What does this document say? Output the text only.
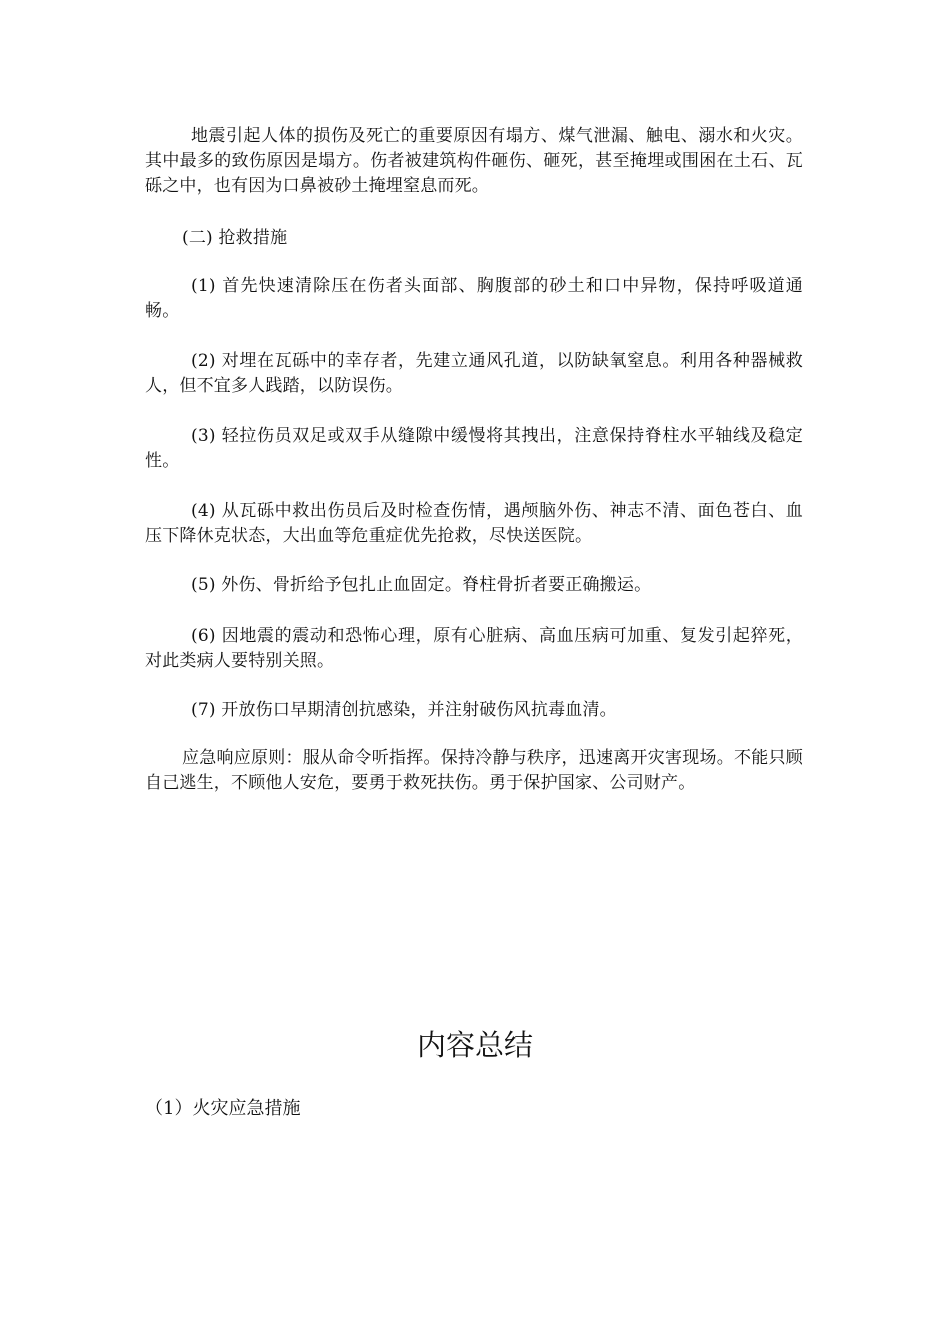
地震引起人体的损伤及死亡的重要原因有塌方、煤气泄漏、触电、溺水和火灾。其中最多的致伤原因是塌方。伤者被建筑构件砸伤、砸死，甚至掩埋或围困在土石、瓦砾之中，也有因为口鼻被砂土掩埋窒息而死。

(二) 抢救措施

(1) 首先快速清除压在伤者头面部、胸腹部的砂土和口中异物，保持呼吸道通畅。

(2) 对埋在瓦砾中的幸存者，先建立通风孔道，以防缺氧窒息。利用各种器械救人，但不宜多人践踏，以防误伤。

(3) 轻拉伤员双足或双手从缝隙中缓慢将其拽出，注意保持脊柱水平轴线及稳定性。

(4) 从瓦砾中救出伤员后及时检查伤情，遇颅脑外伤、神志不清、面色苍白、血压下降休克状态，大出血等危重症优先抢救，尽快送医院。

(5) 外伤、骨折给予包扎止血固定。脊柱骨折者要正确搬运。

(6) 因地震的震动和恐怖心理，原有心脏病、高血压病可加重、复发引起猝死，对此类病人要特别关照。

(7) 开放伤口早期清创抗感染，并注射破伤风抗毒血清。

应急响应原则：服从命令听指挥。保持冷静与秩序，迅速离开灾害现场。不能只顾自己逃生，不顾他人安危，要勇于救死扶伤。勇于保护国家、公司财产。

内容总结

（1）火灾应急措施
